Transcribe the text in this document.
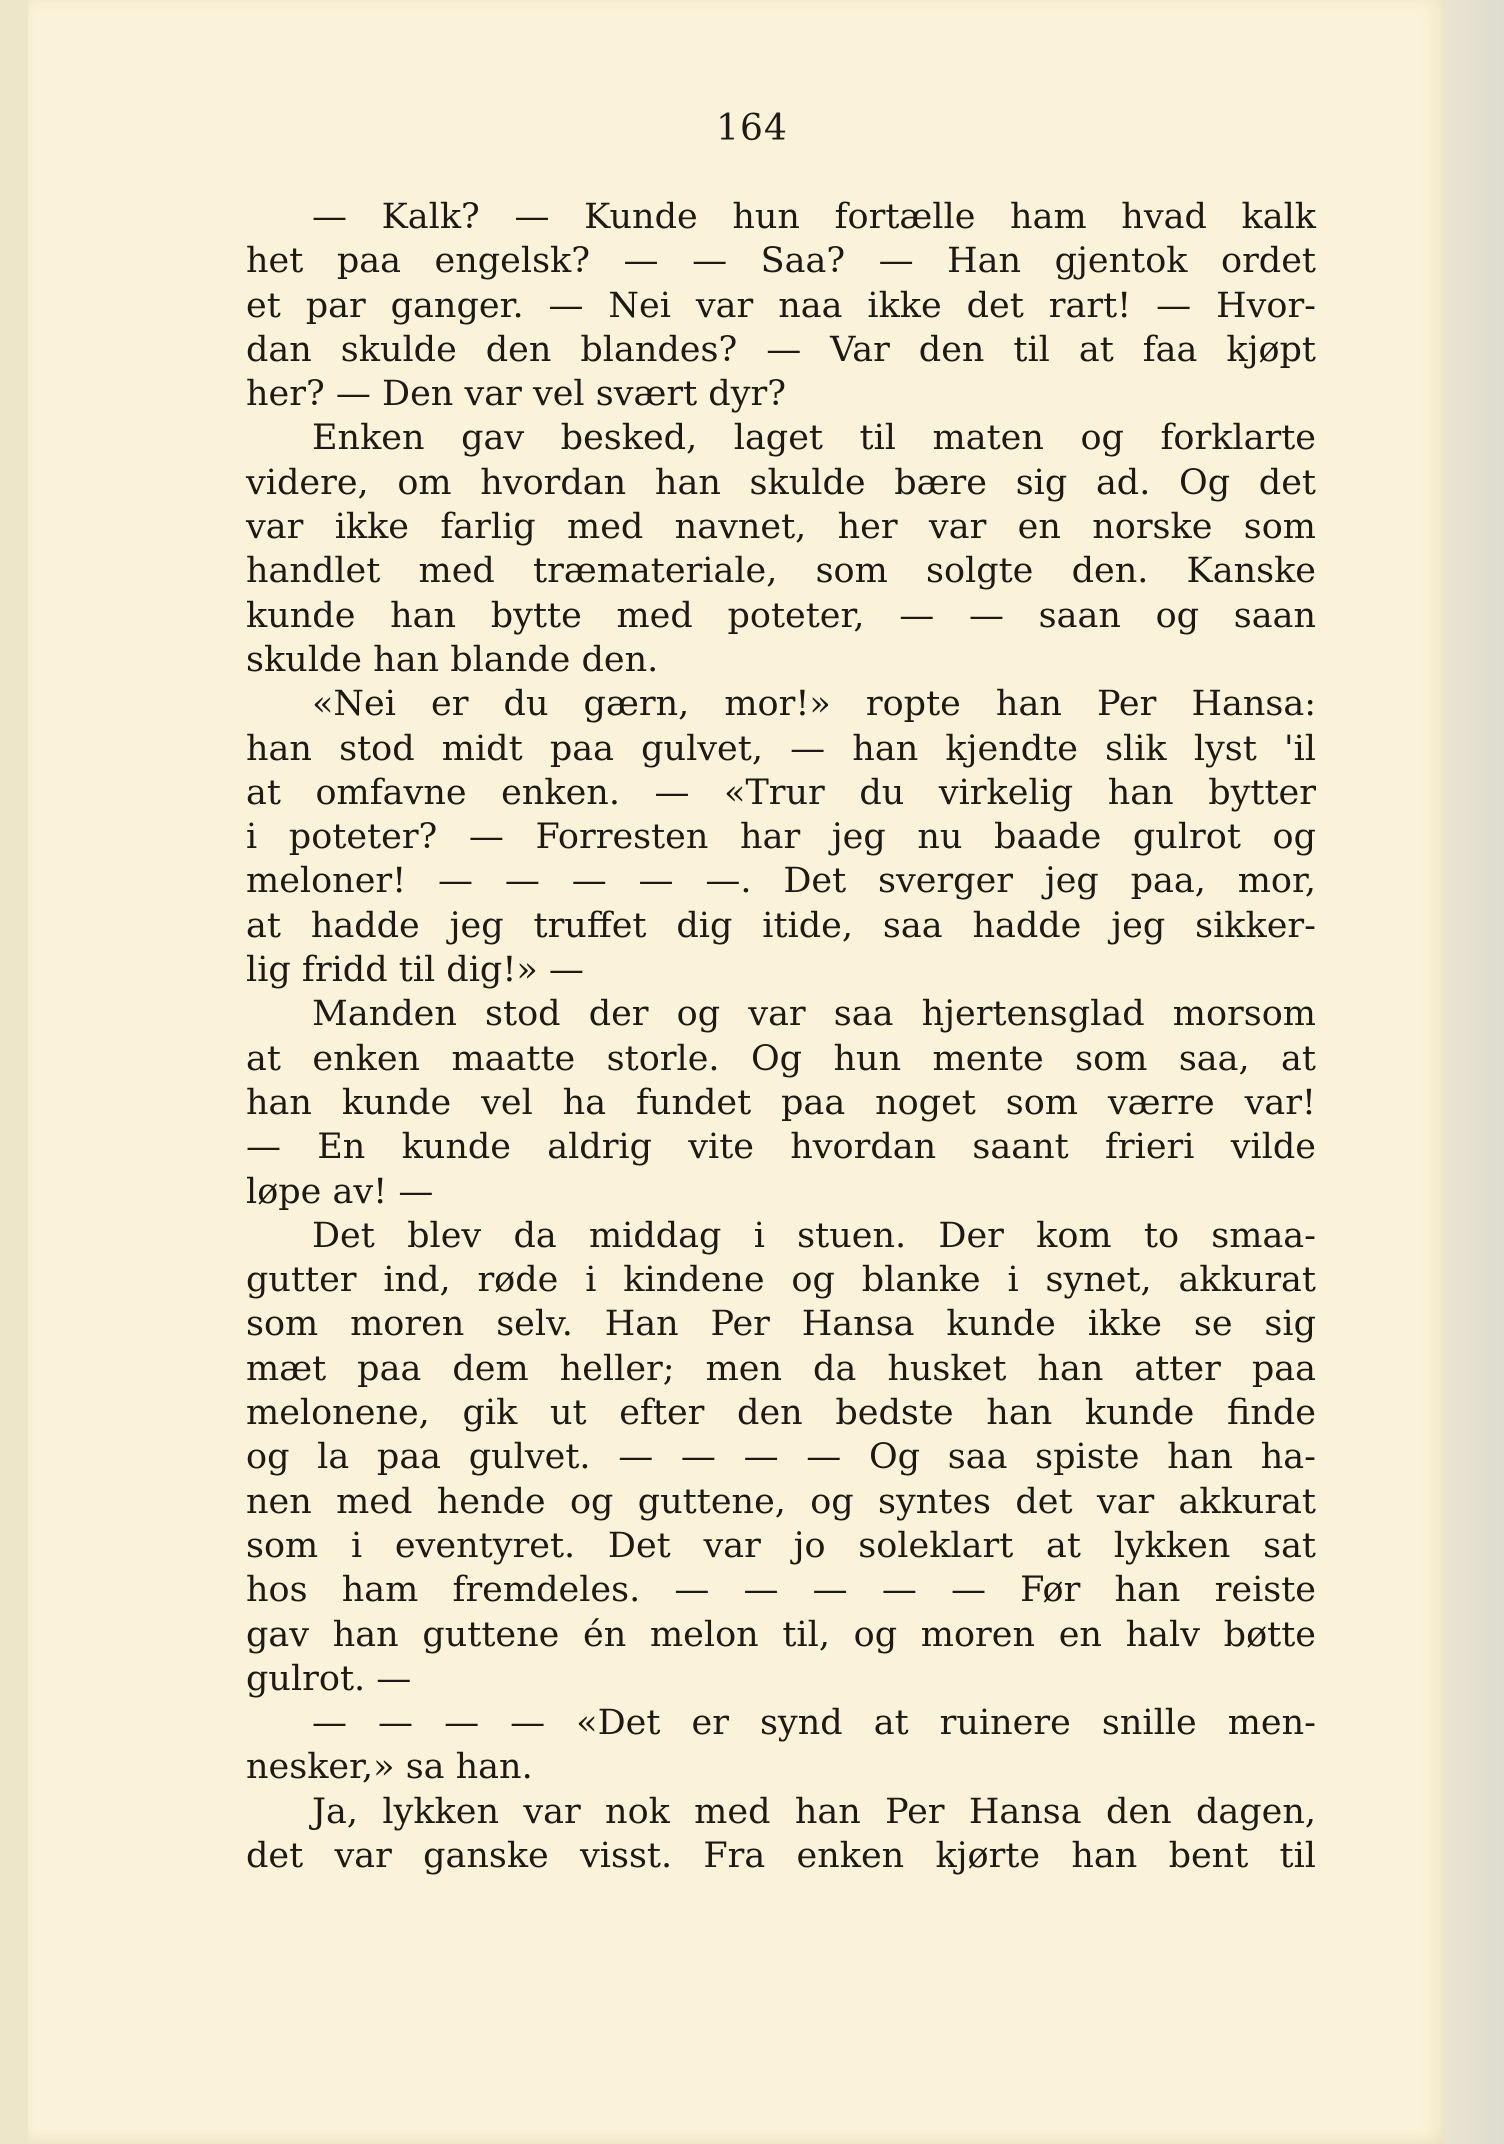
164
— Kalk? — Kunde hun fortælle ham hvad kalk
het paa engelsk? — — Saa? — Han gjentok ordet
et par ganger. — Nei var naa ikke det rart! — Hvor-
dan skulde den blandes? — Var den til at faa kjøpt
her? — Den var vel svært dyr?
Enken gav besked, laget til maten og forklarte
videre, om hvordan han skulde bære sig ad. Og det
var ikke farlig med navnet, her var en norske som
handlet med træmateriale, som solgte den. Kanske
kunde han bytte med poteter, — — saan og saan
skulde han blande den.
«Nei er du gærn, mor!» ropte han Per Hansa:
han stod midt paa gulvet, — han kjendte slik lyst 'il
at omfavne enken. — «Trur du virkelig han bytter
i poteter? — Forresten har jeg nu baade gulrot og
meloner! — — — — —. Det sverger jeg paa, mor,
at hadde jeg truffet dig itide, saa hadde jeg sikker-
lig fridd til dig!» —
Manden stod der og var saa hjertensglad morsom
at enken maatte storle. Og hun mente som saa, at
han kunde vel ha fundet paa noget som værre var!
— En kunde aldrig vite hvordan saant frieri vilde
løpe av! —
Det blev da middag i stuen. Der kom to smaa-
gutter ind, røde i kindene og blanke i synet, akkurat
som moren selv. Han Per Hansa kunde ikke se sig
mæt paa dem heller; men da husket han atter paa
melonene, gik ut efter den bedste han kunde finde
og la paa gulvet. — — — — Og saa spiste han ha-
nen med hende og guttene, og syntes det var akkurat
som i eventyret. Det var jo soleklart at lykken sat
hos ham fremdeles. — — — — — Før han reiste
gav han guttene én melon til, og moren en halv bøtte
gulrot. —
— — — — «Det er synd at ruinere snille men-
nesker,» sa han.
Ja, lykken var nok med han Per Hansa den dagen,
det var ganske visst. Fra enken kjørte han bent til
